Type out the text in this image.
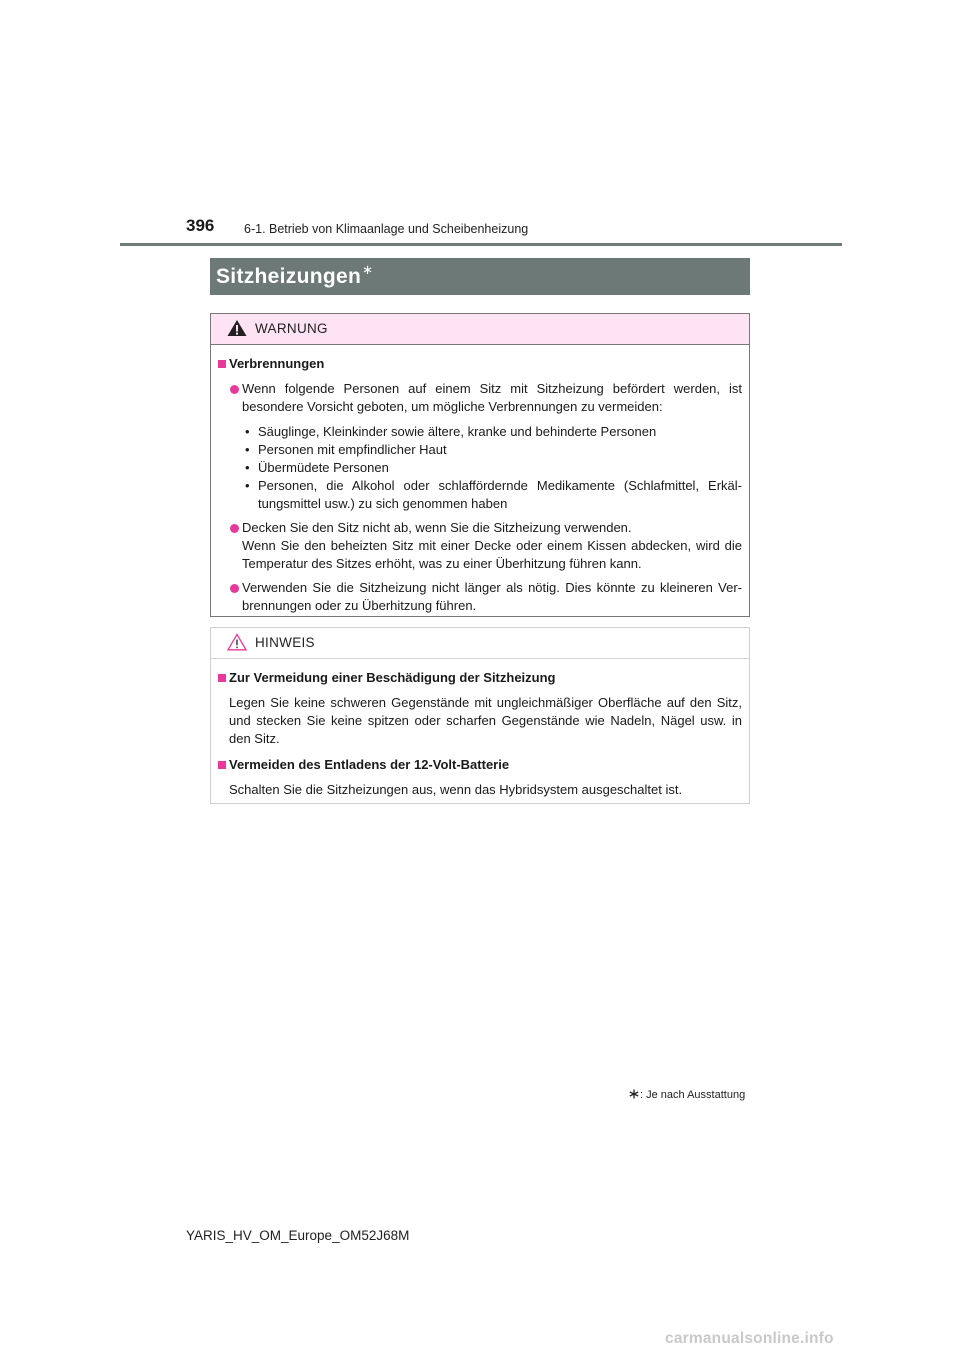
396 6-1. Betrieb von Klimaanlage und Scheibenheizung
Sitzheizungen∗
WARNUNG
Verbrennungen

Wenn folgende Personen auf einem Sitz mit Sitzheizung befördert werden, ist besondere Vorsicht geboten, um mögliche Verbrennungen zu vermeiden:

• Säuglinge, Kleinkinder sowie ältere, kranke und behinderte Personen
• Personen mit empfindlicher Haut
• Übermüdete Personen
• Personen, die Alkohol oder schlaffördernde Medikamente (Schlafmittel, Erkäl-tungsmittel usw.) zu sich genommen haben

Decken Sie den Sitz nicht ab, wenn Sie die Sitzheizung verwenden.

Wenn Sie den beheizten Sitz mit einer Decke oder einem Kissen abdecken, wird die Temperatur des Sitzes erhöht, was zu einer Überhitzung führen kann.

Verwenden Sie die Sitzheizung nicht länger als nötig. Dies könnte zu kleineren Ver-brennungen oder zu Überhitzung führen.

HINWEIS
Zur Vermeidung einer Beschädigung der Sitzheizung

Legen Sie keine schweren Gegenstände mit ungleichmäßiger Oberfläche auf den Sitz, und stecken Sie keine spitzen oder scharfen Gegenstände wie Nadeln, Nägel usw. in den Sitz.

Vermeiden des Entladens der 12-Volt-Batterie

Schalten Sie die Sitzheizungen aus, wenn das Hybridsystem ausgeschaltet ist.

: Je nach Ausstattung
YARIS_HV_OM_Europe_OM52J68M
carmanualsonline.info
